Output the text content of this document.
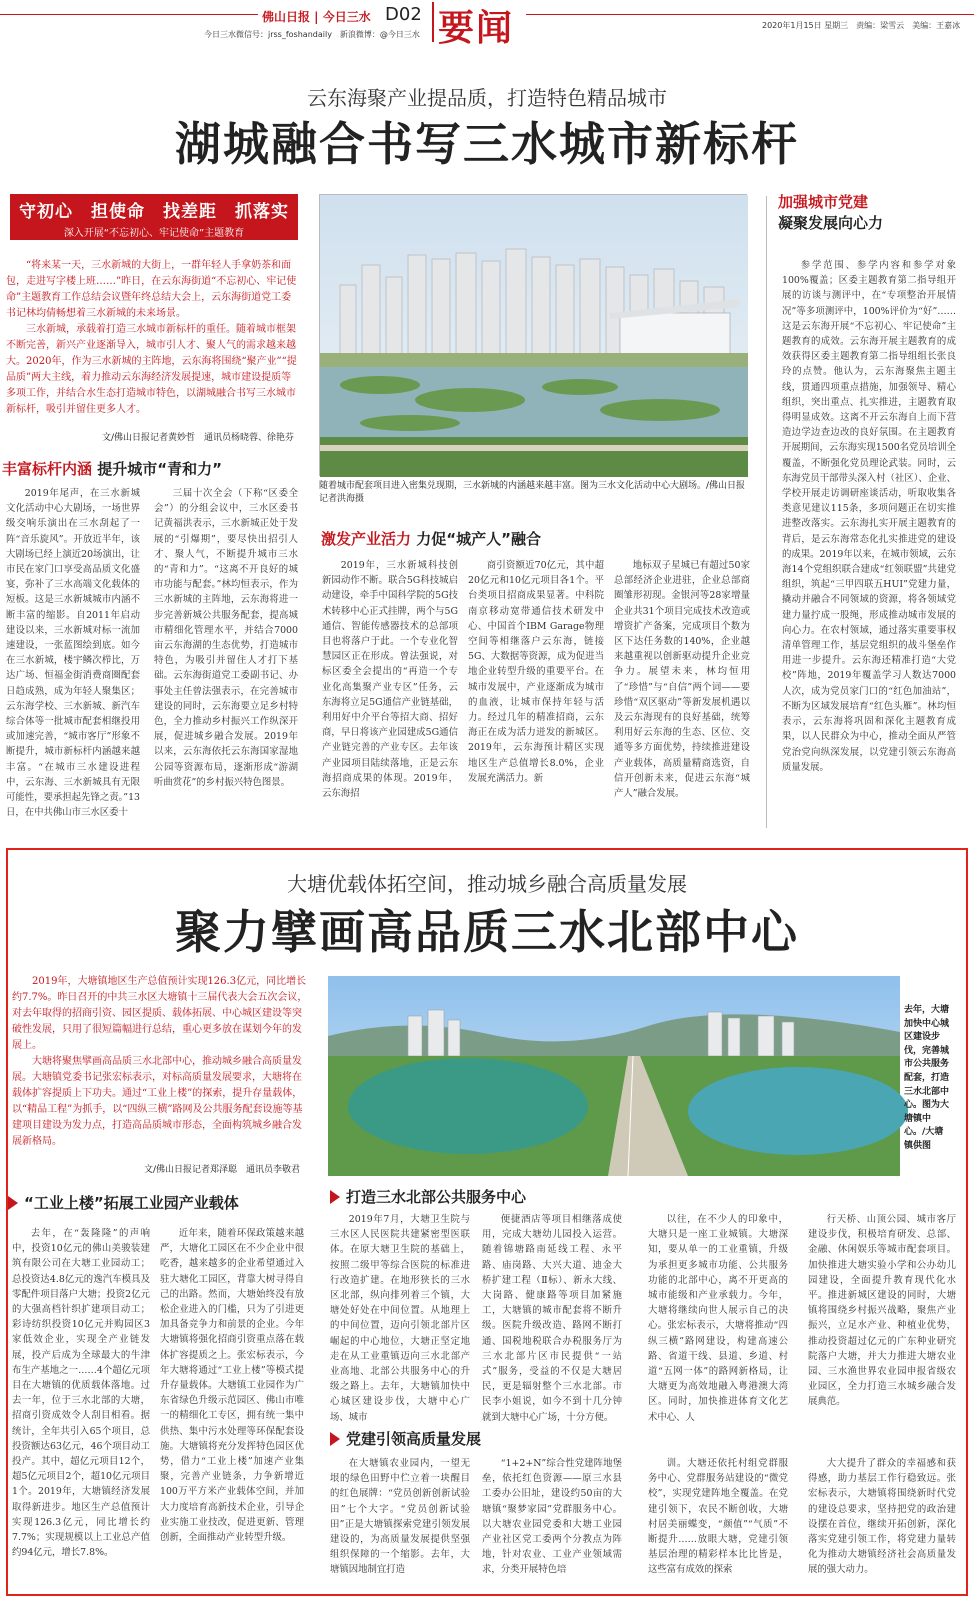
佛山日报 | 今日三水 D02
今日三水微信号：jrss_foshandaily　新浪微博：@今日三水 要闻	2020年1月15日 星期三　责编：梁雪云　美编：王嘉冰
云东海聚产业提品质，打造特色精品城市
湖城融合书写三水城市新标杆
守初心　担使命　找差距　抓落实
深入开展“不忘初心、牢记使命”主题教育

“将来某一天，三水新城的大街上，一群年轻人手拿奶茶和面包，走进写字楼上班……”昨日，在云东海街道“不忘初心、牢记使命”主题教育工作总结会议暨年终总结大会上，云东海街道党工委书记林均倩畅想着三水新城的未来场景。

三水新城，承载着打造三水城市新标杆的重任。随着城市框架不断完善，新兴产业逐渐导入，城市引人才、聚人气的需求越来越大。2020年，作为三水新城的主阵地，云东海将围绕“聚产业”“提品质”两大主线，着力推动云东海经济发展提速，城市建设提质等多项工作，并结合水生态打造城市特色，以湖城融合书写三水城市新标杆，吸引并留住更多人才。

文/佛山日报记者黄妙哲　通讯员杨晓蓉、徐艳芬
随着城市配套项目进入密集兑现期，三水新城的内涵越来越丰富。图为三水文化活动中心大剧场。/佛山日报记者洪海摄
丰富标杆内涵 提升城市“青和力”

2019年尾声，在三水新城文化活动中心大剧场，一场世界级交响乐演出在三水刮起了一阵“音乐旋风”。开放近半年，该大剧场已经上演近20场演出，让市民在家门口享受高品质文化盛宴，弥补了三水高端文化载体的短板。这是三水新城城市内涵不断丰富的缩影。自2011年启动建设以来，三水新城对标一流加速建设，一张蓝图绘到底。如今在三水新城，楼宇鳞次栉比，万达广场、恒福金街消费商圈配套日趋成熟，成为年轻人聚集区；云东海学校、三水新城、新汽车综合体等一批城市配套相继投用或加速完善，“城市客厅”形象不断提升，城市新标杆内涵越来越丰富。“在城市三水建设进程中，云东海、三水新城具有无限可能性，要承担起先锋之责。”13日，在中共佛山市三水区委十

三届十次全会（下称“区委全会”）的分组会议中，三水区委书记黄福洪表示，三水新城正处于发展的“引爆期”，要尽快出招引人才、聚人气，不断提升城市三水的“青和力”。“这离不开良好的城市功能与配套。”林均恒表示，作为三水新城的主阵地，云东海将进一步完善新城公共服务配套，提高城市精细化管理水平，并结合7000亩云东海湖的生态优势，打造城市特色，为吸引并留住人才打下基础。云东海街道党工委副书记、办事处主任曾法强表示，在完善城市建设的同时，云东海要立足乡村特色，全力推动乡村振兴工作纵深开展，促进城乡融合发展。2019年以来，云东海依托云东海国家湿地公园等资源布局，逐渐形成“游湖听曲赏花”的乡村振兴特色图景。

激发产业活力 力促“城产人”融合

2019年，三水新城科技创新园动作不断。联合5G科技城启动建设，牵手中国科学院的5G技术转移中心正式挂牌，两个与5G通信、智能传感器技术的总部项目也将落户于此。一个专业化智慧园区正在形成。曾法强说，对标区委全会提出的“再造一个专业化高集聚产业专区”任务，云东海将立足5G通信产业链基础，利用好中介平台等招大商、招好商，早日将该产业园建成5G通信产业链完善的产业专区。去年该产业园项目陆续落地，正是云东海招商成果的体现。2019年，云东海招

商引资额近70亿元，其中超20亿元和10亿元项目各1个。平台类项目招商成果显著。中科院南京移动宽带通信技术研发中心、中国首个IBM Garage物理空间等相继落户云东海，链接5G、大数据等资源，成为促进当地企业转型升级的重要平台。在城市发展中，产业逐渐成为城市的血液，让城市保持年轻与活力。经过几年的精准招商，云东海正在成为活力迸发的新城区。2019年，云东海预计精区实现地区生产总值增长8.0%，企业发展充满活力。新

地标双子星城已有超过50家总部经济企业进驻，企业总部商圈雏形初现。金银河等28家增量企业共31个项目完成技术改造或增资扩产备案，完成项目个数为区下达任务数的140%，企业越来越重视以创新驱动提升企业竞争力。展望未来，林均恒用了“珍惜”与“自信”两个词——要珍惜“双区驱动”等新发展机遇以及云东海现有的良好基础，统筹利用好云东海的生态、区位、交通等多方面优势，持续推进建设产业载体，高质量精商选资，自信开创新未来，促进云东海“城产人”融合发展。

加强城市党建
凝聚发展向心力

参学范围、参学内容和参学对象100%覆盖；区委主题教育第二指导组开展的访谈与测评中，在“专项整治开展情况”等多项测评中，100%评价为“好”……这是云东海开展“不忘初心、牢记使命”主题教育的成效。云东海开展主题教育的成效获得区委主题教育第二指导组组长张良玲的点赞。他认为，云东海聚焦主题主线，贯通四项重点措施，加强领导、精心组织，突出重点、扎实推进，主题教育取得明显成效。这离不开云东海自上而下营造边学边查边改的良好氛围。在主题教育开展期间，云东海实现1500名党员培训全覆盖，不断强化党员理论武装。同时，云东海党员干部带头深入村（社区）、企业、学校开展走访调研座谈活动，听取收集各类意见建议115条，多项问题正在切实推进整改落实。云东海扎实开展主题教育的背后，是云东海常态化扎实推进党的建设的成果。2019年以来，在城市领域，云东海14个党组织联合建成“红领联盟”共建党组织，筑起“三甲四联五HUI”党建力量，撬动并融合不同领域的资源，将各领域党建力量拧成一股绳，形成推动城市发展的向心力。在农村领域，通过落实重要事权清单管理工作，基层党组织的战斗堡垒作用进一步提升。云东海还精准打造“大党校”阵地，2019年覆盖学习人数达7000人次，成为党员家门口的“红色加油站”，不断为区域发展培育“红色头雁”。林均恒表示，云东海将巩固和深化主题教育成果，以人民群众为中心，推动全面从严管党治党向纵深发展，以党建引领云东海高质量发展。

大塘优载体拓空间，推动城乡融合高质量发展
聚力擘画高品质三水北部中心

2019年，大塘镇地区生产总值预计实现126.3亿元，同比增长约7.7%。昨日召开的中共三水区大塘镇十三届代表大会五次会议，对去年取得的招商引资、园区提质、载体拓展、中心城区建设等突破性发展，只用了很短篇幅进行总结，重心更多放在谋划今年的发展上。

大塘将聚焦擘画高品质三水北部中心，推动城乡融合高质量发展。大塘镇党委书记张宏标表示，对标高质量发展要求，大塘将在载体扩容提质上下功夫。通过“工业上楼”的探索，提升存量载体，以“精品工程”为抓手，以“四纵三横”路网及公共服务配套设施等基建项目建设为发力点，打造高品质城市形态，全面构筑城乡融合发展新格局。

文/佛山日报记者郑泽聪　通讯员李敬君
去年，大塘加快中心城区建设步伐，完善城市公共服务配套，打造三水北部中心。图为大塘镇中心。/大塘镇供图
“工业上楼”拓展工业园产业载体

去年，在“轰隆隆”的声响中，投资10亿元的佛山美骏装建筑有限公司在大塘工业园动工；总投资达4.8亿元的逸汽车模具及零配件项目落户大塘；投资2亿元的大强高档针织扩建项目动工；彩诗纺织投资10亿元并购园区3家低效企业，实现全产业链发展，投产后成为全球最大的牛津布生产基地之一……4个超亿元项目在大塘镇的优质载体落地。过去一年，位于三水北部的大塘，招商引资成效令人刮目相看。据统计，全年共引入65个项目，总投资额达63亿元，46个项目动工投产。其中，超亿元项目12个，超5亿元项目2个，超10亿元项目1个。2019年，大塘镇经济发展取得新进步。地区生产总值预计实现126.3亿元，同比增长约7.7%；实现规模以上工业总产值约94亿元，增长7.8%。

近年来，随着环保政策越来越严，大塘化工园区在不少企业中很吃香，越来越多的企业希望通过入驻大塘化工园区，背靠大树寻得自己的出路。然而，大塘始终没有放松企业进入的门槛，只为了引进更加具备竞争力和前景的企业。今年大塘镇将强化招商引资重点落在载体扩容提质之上。张宏标表示，今年大塘将通过“工业上楼”等模式提升存量载体。大塘镇工业园作为广东省绿色升级示范园区、佛山市唯一的精细化工专区，拥有统一集中供热、集中污水处理等环保配套设施。大塘镇将充分发挥特色园区优势，借力“工业上楼”加速产业集聚，完善产业链条，力争新增近100万平方米产业载体空间，并加大力度培育高新技术企业，引导企业实施工业技改，促进更新、管理创新，全面推动产业转型升级。

打造三水北部公共服务中心

2019年7月，大塘卫生院与三水区人民医院共建紧密型医联体。在原大塘卫生院的基础上，按照二级甲等综合医院的标准进行改造扩建。在地形狭长的三水区北部，纵向排列着三个镇，大塘处好处在中间位置。从地理上的中间位置，迈向引领北部片区崛起的中心地位，大塘正坚定地走在从工业重镇迈向三水北部产业高地、北部公共服务中心的升级之路上。去年，大塘镇加快中心城区建设步伐，大塘中心广场、城市

便捷酒店等项目相继落成使用，完成大塘幼儿园投入运营。随着锦塘路南延线工程、永平路、庙岗路、大兴大道、迪金大桥扩建工程（Ⅱ标）、新永大线、大岗路、健康路等项目加紧施工，大塘镇的城市配套将不断升级。医院升级改造、路网不断打通、国税地税联合办税服务厅为三水北部片区市民提供“一站式”服务，受益的不仅是大塘居民，更是辐射整个三水北部。市民李小姐说，如今不到十几分钟就到大塘中心广场，十分方便。

以往，在不少人的印象中，大塘只是一座工业城镇。大塘深知，要从单一的工业重镇，升级为承担更多城市功能、公共服务功能的北部中心，离不开更高的城市能级和产业承载力。今年，大塘将继续向世人展示自己的决心。张宏标表示，大塘将推动“四纵三横”路网建设，构建高速公路、省道干线、县道、乡道、村道“五网一体”的路网新格局，让大塘更为高效地融入粤港澳大湾区。同时，加快推进体育文化艺术中心、人

行天桥、山顶公园、城市客厅建设步伐，积极培育研发、总部、金融、休闲娱乐等城市配套项目。加快推进大塘实验小学和公办幼儿园建设，全面提升教育现代化水平。推进新城区建设的同时，大塘镇将围绕乡村振兴战略，聚焦产业振兴，立足水产业、种植业优势，推动投资超过亿元的广东种业研究院落户大塘，并大力推进大塘农业园、三水渔世界农业园申报省级农业园区，全力打造三水城乡融合发展典范。

党建引领高质量发展

在大塘镇农业园内，一望无垠的绿色田野中伫立着一块醒目的红色展牌：“党员创新创新试验田”七个大字。“党员创新试验田”正是大塘镇探索党建引领发展建设的，为高质量发展提供坚强组织保障的一个缩影。去年，大塘镇因地制宜打造

“1+2+N”综合性党建阵地堡垒，依托红色资源——原三水县工委办公旧址，建设约50亩的大塘镇“聚梦家园”党群服务中心。以大塘农业园党委和大塘工业园产业社区党工委两个分教点为阵地，针对农业、工业产业领域需求，分类开展特色培

训。大塘还依托村组党群服务中心、党群服务站建设的“微党校”，实现党建阵地全覆盖。在党建引领下，农民不断创收，大塘村居美丽蝶变，“颜值”“气质”不断提升……放眼大塘，党建引领基层治理的精彩样本比比皆是，这些富有成效的探索

大大提升了群众的幸福感和获得感，助力基层工作行稳致远。张宏标表示，大塘镇将围绕新时代党的建设总要求，坚持把党的政治建设摆在首位，继续开拓创新，深化落实党建引领工作，将党建力量转化为推动大塘镇经济社会高质量发展的强大动力。
